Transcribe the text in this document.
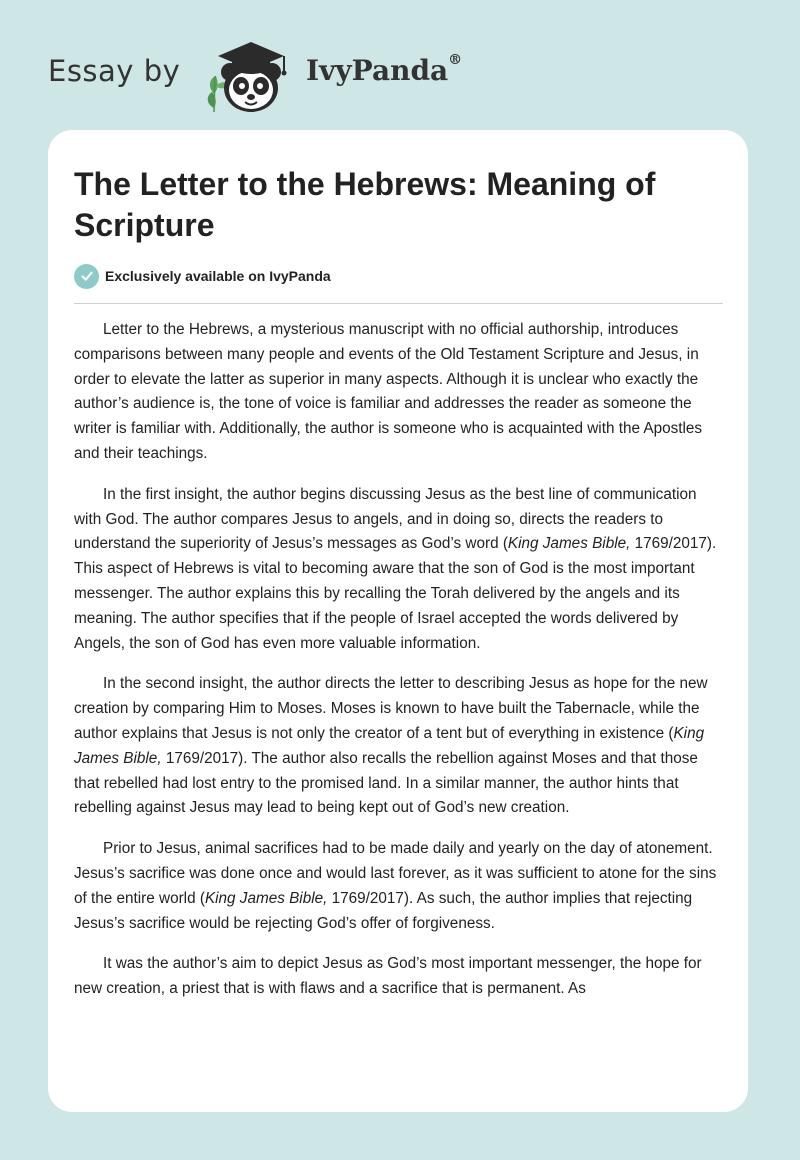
Essay by	IvyPanda®
The Letter to the Hebrews: Meaning of Scripture
Exclusively available on IvyPanda

Letter to the Hebrews, a mysterious manuscript with no official authorship, introduces comparisons between many people and events of the Old Testament Scripture and Jesus, in order to elevate the latter as superior in many aspects. Although it is unclear who exactly the author’s audience is, the tone of voice is familiar and addresses the reader as someone the writer is familiar with. Additionally, the author is someone who is acquainted with the Apostles and their teachings.

In the first insight, the author begins discussing Jesus as the best line of communication with God. The author compares Jesus to angels, and in doing so, directs the readers to understand the superiority of Jesus’s messages as God’s word (King James Bible, 1769/2017). This aspect of Hebrews is vital to becoming aware that the son of God is the most important messenger. The author explains this by recalling the Torah delivered by the angels and its meaning. The author specifies that if the people of Israel accepted the words delivered by Angels, the son of God has even more valuable information.

In the second insight, the author directs the letter to describing Jesus as hope for the new creation by comparing Him to Moses. Moses is known to have built the Tabernacle, while the author explains that Jesus is not only the creator of a tent but of everything in existence (King James Bible, 1769/2017). The author also recalls the rebellion against Moses and that those that rebelled had lost entry to the promised land. In a similar manner, the author hints that rebelling against Jesus may lead to being kept out of God’s new creation.

Prior to Jesus, animal sacrifices had to be made daily and yearly on the day of atonement. Jesus’s sacrifice was done once and would last forever, as it was sufficient to atone for the sins of the entire world (King James Bible, 1769/2017). As such, the author implies that rejecting Jesus’s sacrifice would be rejecting God’s offer of forgiveness.

It was the author’s aim to depict Jesus as God’s most important messenger, the hope for new creation, a priest that is with flaws and a sacrifice that is permanent. As
